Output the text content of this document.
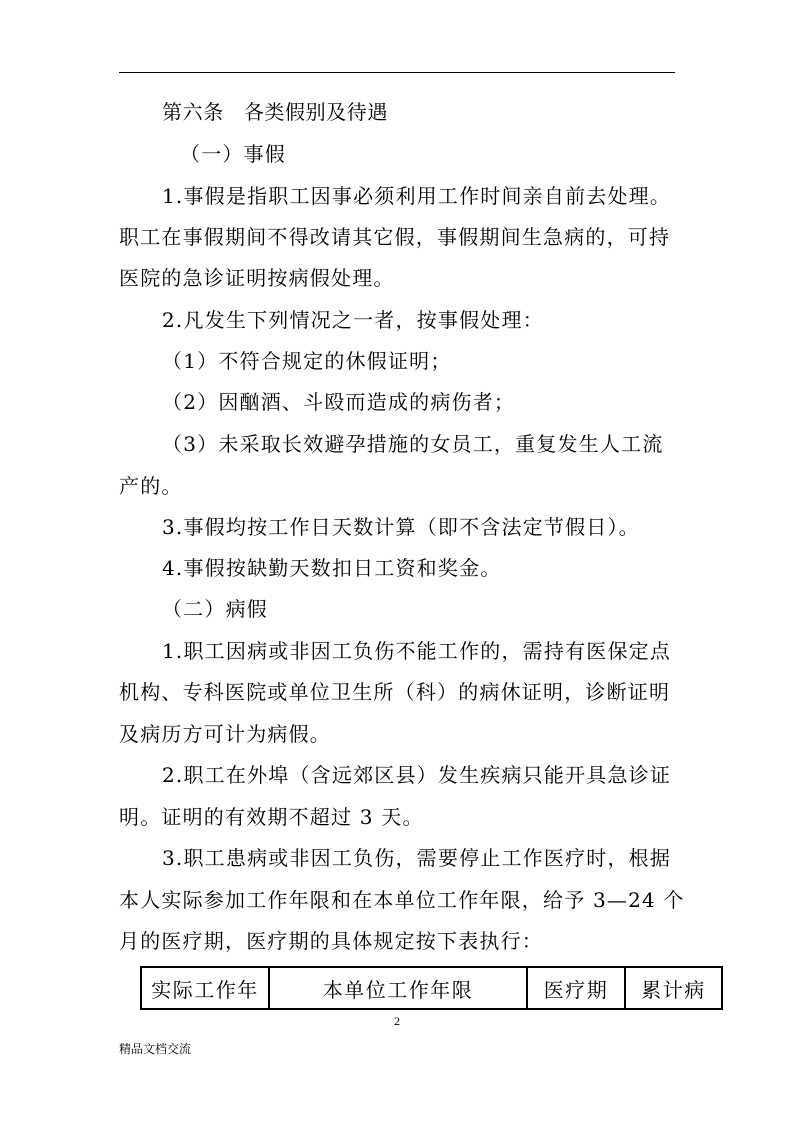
第六条 各类假别及待遇
（一）事假
1.事假是指职工因事必须利用工作时间亲自前去处理。
职工在事假期间不得改请其它假，事假期间生急病的，可持
医院的急诊证明按病假处理。
2.凡发生下列情况之一者，按事假处理：
（1）不符合规定的休假证明；
（2）因酗酒、斗殴而造成的病伤者；
（3）未采取长效避孕措施的女员工，重复发生人工流
产的。
3.事假均按工作日天数计算（即不含法定节假日）。
4.事假按缺勤天数扣日工资和奖金。
（二）病假
1.职工因病或非因工负伤不能工作的，需持有医保定点
机构、专科医院或单位卫生所（科）的病休证明，诊断证明
及病历方可计为病假。
2.职工在外埠（含远郊区县）发生疾病只能开具急诊证
明。证明的有效期不超过 3 天。
3.职工患病或非因工负伤，需要停止工作医疗时，根据
本人实际参加工作年限和在本单位工作年限，给予 3—24 个
月的医疗期，医疗期的具体规定按下表执行：
实际工作年	本单位工作年限	医疗期	累计病
2
精品文档交流
